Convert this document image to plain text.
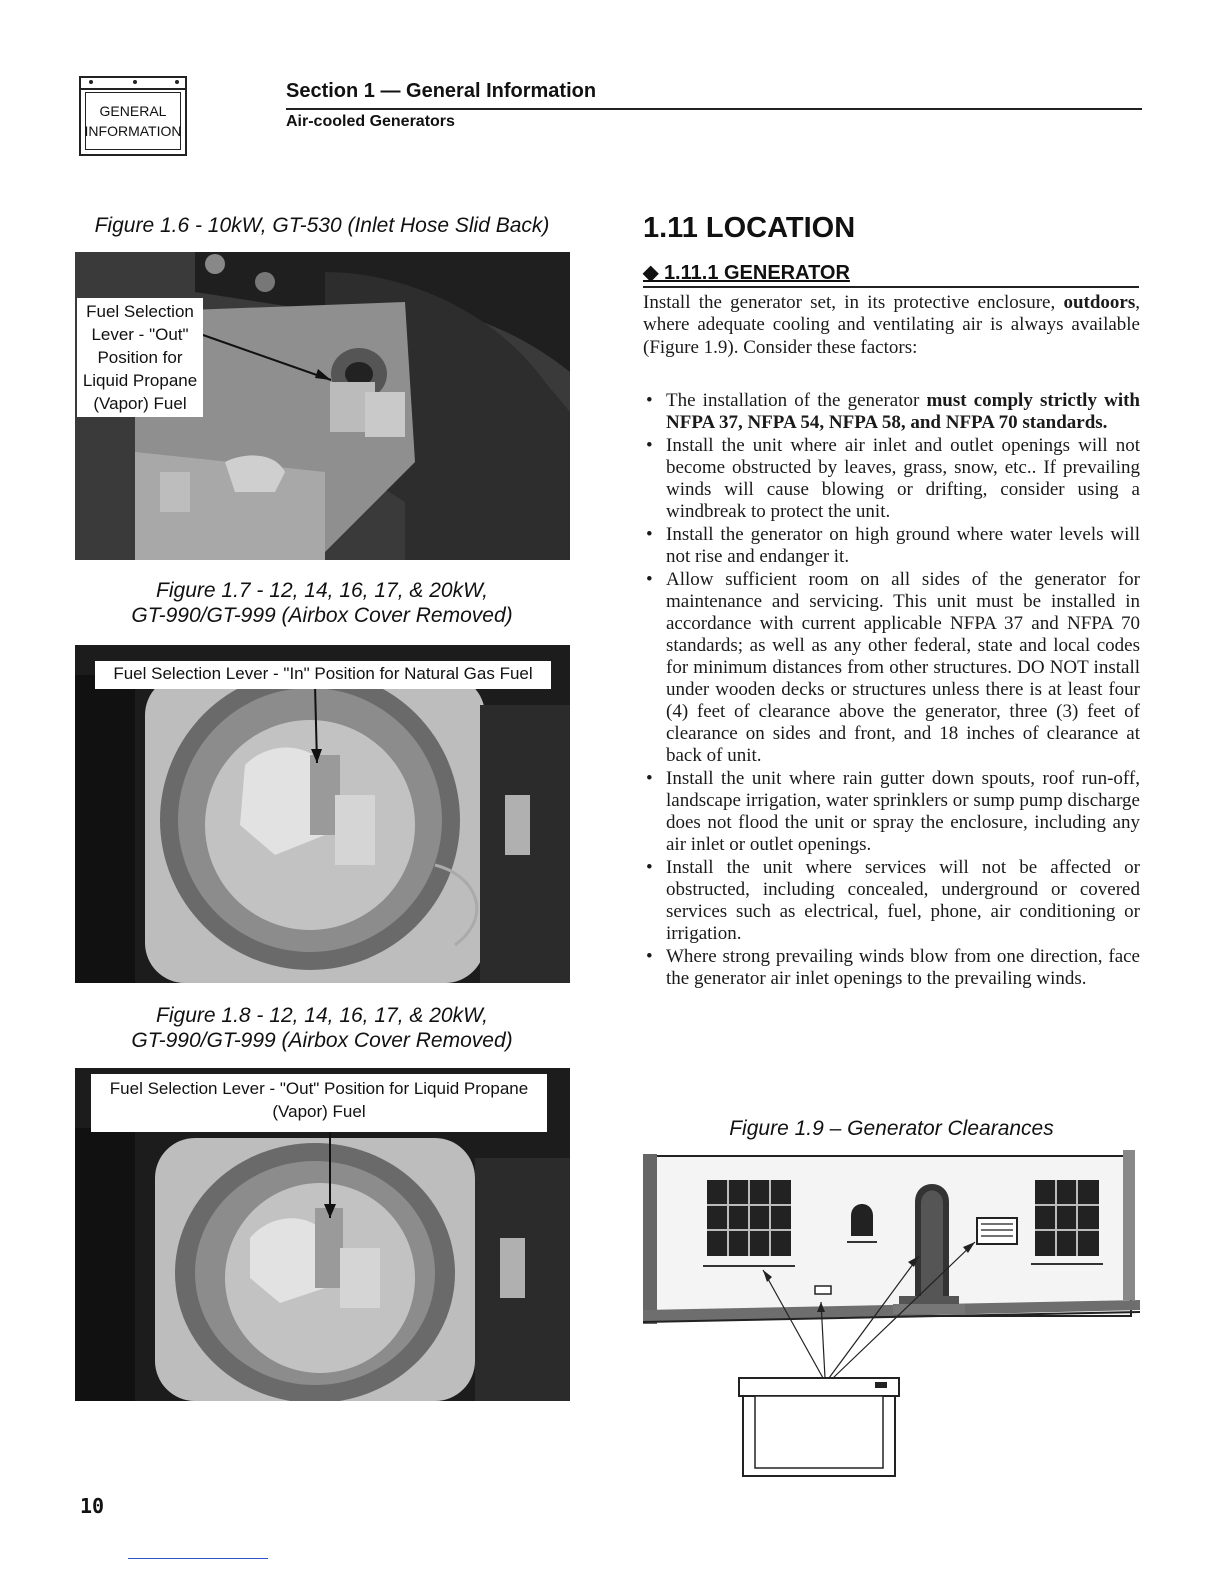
GENERAL
INFORMATION
Section 1 — General Information
Air-cooled Generators
Figure 1.6 - 10kW, GT-530 (Inlet Hose Slid Back)
Fuel Selection
Lever - "Out"
Position for
Liquid Propane
(Vapor) Fuel
Figure 1.7 - 12, 14, 16, 17, & 20kW,
GT-990/GT-999 (Airbox Cover Removed)
Fuel Selection Lever - "In" Position for Natural Gas Fuel
Figure 1.8 - 12, 14, 16, 17, & 20kW,
GT-990/GT-999 (Airbox Cover Removed)
Fuel Selection Lever - "Out" Position for Liquid Propane
(Vapor) Fuel
1.11 LOCATION
◆ 1.11.1 GENERATOR
Install the generator set, in its protective enclosure, outdoors, where adequate cooling and ventilating air is always available (Figure 1.9). Consider these factors:
• The installation of the generator must comply strictly with NFPA 37, NFPA 54, NFPA 58, and NFPA 70 standards.
• Install the unit where air inlet and outlet openings will not become obstructed by leaves, grass, snow, etc.. If prevailing winds will cause blowing or drifting, consider using a windbreak to protect the unit.
• Install the generator on high ground where water levels will not rise and endanger it.
• Allow sufficient room on all sides of the generator for maintenance and servicing. This unit must be installed in accordance with current applicable NFPA 37 and NFPA 70 standards; as well as any other federal, state and local codes for minimum distances from other structures. DO NOT install under wooden decks or structures unless there is at least four (4) feet of clearance above the generator, three (3) feet of clearance on sides and front, and 18 inches of clearance at back of unit.
• Install the unit where rain gutter down spouts, roof run-off, landscape irrigation, water sprinklers or sump pump discharge does not flood the unit or spray the enclosure, including any air inlet or outlet openings.
• Install the unit where services will not be affected or obstructed, including concealed, underground or covered services such as electrical, fuel, phone, air conditioning or irrigation.
• Where strong prevailing winds blow from one direction, face the generator air inlet openings to the prevailing winds.
Figure 1.9 – Generator Clearances
10
